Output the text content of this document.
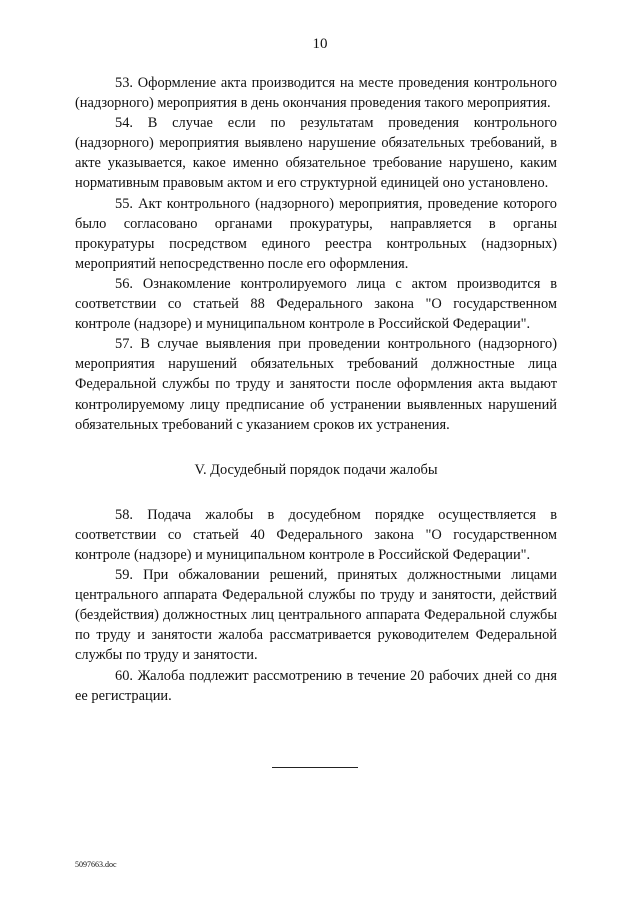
10

53. Оформление акта производится на месте проведения контрольного (надзорного) мероприятия в день окончания проведения такого мероприятия.

54. В случае если по результатам проведения контрольного (надзорного) мероприятия выявлено нарушение обязательных требований, в акте указывается, какое именно обязательное требование нарушено, каким нормативным правовым актом и его структурной единицей оно установлено.

55. Акт контрольного (надзорного) мероприятия, проведение которого было согласовано органами прокуратуры, направляется в органы прокуратуры посредством единого реестра контрольных (надзорных) мероприятий непосредственно после его оформления.

56. Ознакомление контролируемого лица с актом производится в соответствии со статьей 88 Федерального закона "О государственном контроле (надзоре) и муниципальном контроле в Российской Федерации".

57. В случае выявления при проведении контрольного (надзорного) мероприятия нарушений обязательных требований должностные лица Федеральной службы по труду и занятости после оформления акта выдают контролируемому лицу предписание об устранении выявленных нарушений обязательных требований с указанием сроков их устранения.

V. Досудебный порядок подачи жалобы

58. Подача жалобы в досудебном порядке осуществляется в соответствии со статьей 40 Федерального закона "О государственном контроле (надзоре) и муниципальном контроле в Российской Федерации".

59. При обжаловании решений, принятых должностными лицами центрального аппарата Федеральной службы по труду и занятости, действий (бездействия) должностных лиц центрального аппарата Федеральной службы по труду и занятости жалоба рассматривается руководителем Федеральной службы по труду и занятости.

60. Жалоба подлежит рассмотрению в течение 20 рабочих дней со дня ее регистрации.

5097663.doc
